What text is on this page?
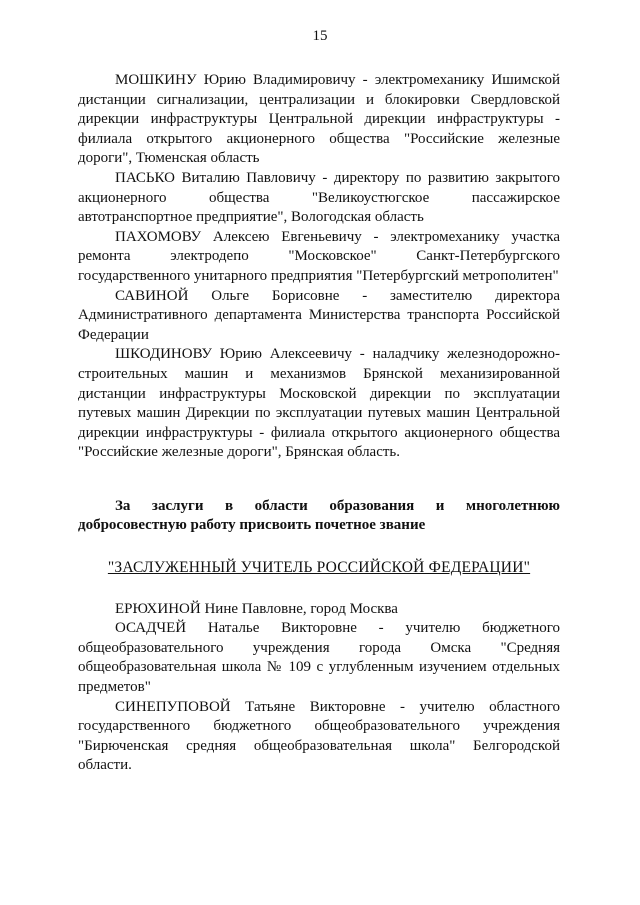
15

МОШКИНУ Юрию Владимировичу - электромеханику Ишимской дистанции сигнализации, централизации и блокировки Свердловской дирекции инфраструктуры Центральной дирекции инфраструктуры - филиала открытого акционерного общества "Российские железные дороги", Тюменская область

ПАСЬКО Виталию Павловичу - директору по развитию закрытого акционерного общества "Великоустюгское пассажирское автотранспортное предприятие", Вологодская область

ПАХОМОВУ Алексею Евгеньевичу - электромеханику участка ремонта электродепо "Московское" Санкт-Петербургского государственного унитарного предприятия "Петербургский метрополитен"

САВИНОЙ Ольге Борисовне - заместителю директора Административного департамента Министерства транспорта Российской Федерации

ШКОДИНОВУ Юрию Алексеевичу - наладчику железнодорожно-строительных машин и механизмов Брянской механизированной дистанции инфраструктуры Московской дирекции по эксплуатации путевых машин Дирекции по эксплуатации путевых машин Центральной дирекции инфраструктуры - филиала открытого акционерного общества "Российские железные дороги", Брянская область.

За заслуги в области образования и многолетнюю добросовестную работу присвоить почетное звание

"ЗАСЛУЖЕННЫЙ УЧИТЕЛЬ РОССИЙСКОЙ ФЕДЕРАЦИИ"

ЕРЮХИНОЙ Нине Павловне, город Москва

ОСАДЧЕЙ Наталье Викторовне - учителю бюджетного общеобразовательного учреждения города Омска "Средняя общеобразовательная школа № 109 с углубленным изучением отдельных предметов"

СИНЕПУПОВОЙ Татьяне Викторовне - учителю областного государственного бюджетного общеобразовательного учреждения "Бирюченская средняя общеобразовательная школа" Белгородской области.
